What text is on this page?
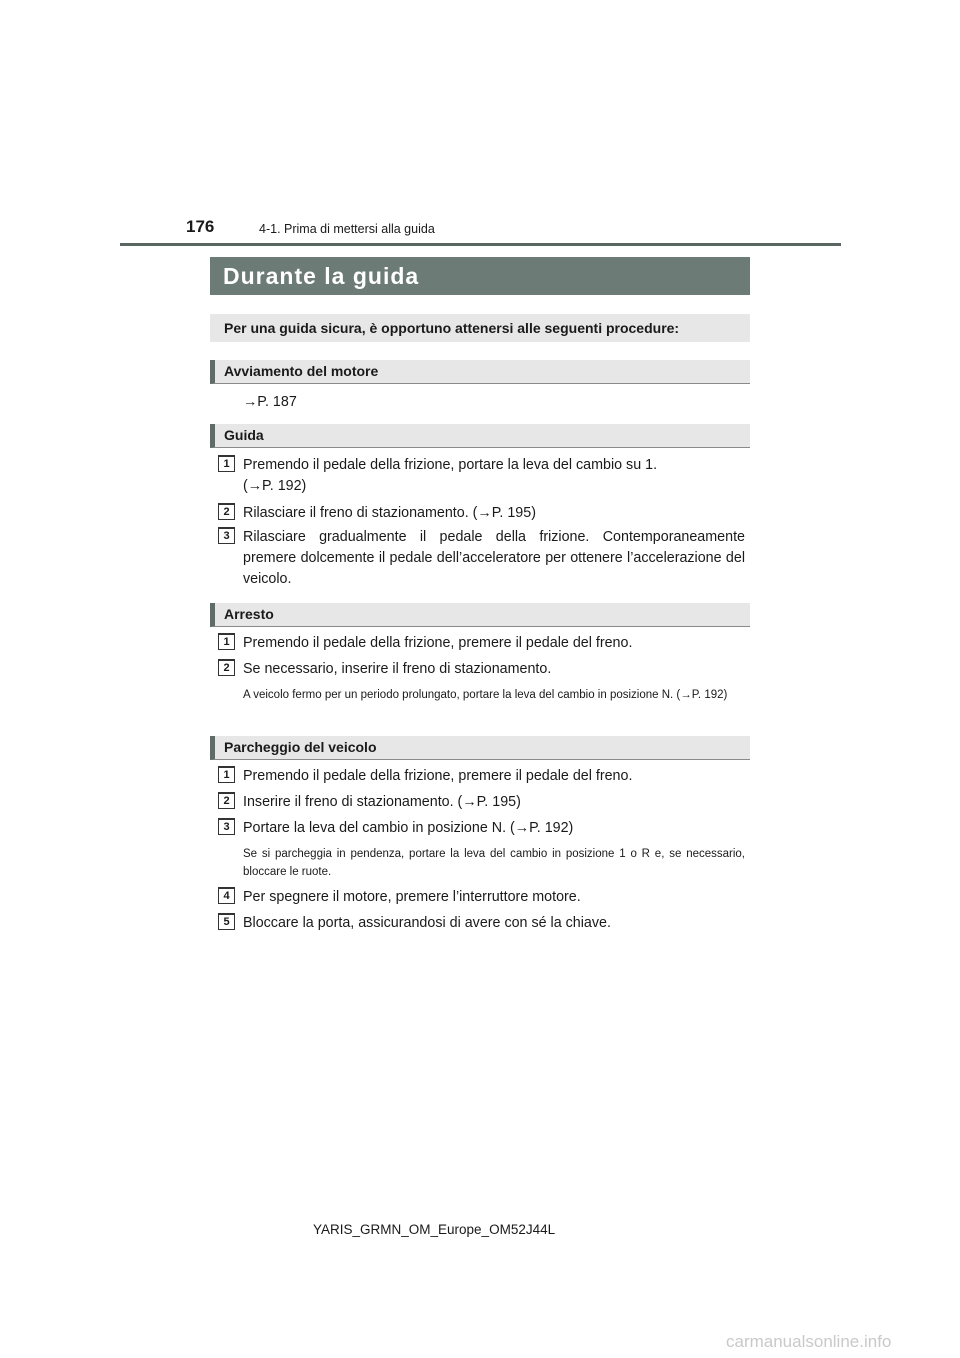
176	4-1. Prima di mettersi alla guida
Durante la guida
Per una guida sicura, è opportuno attenersi alle seguenti procedure:
Avviamento del motore
→P. 187
Guida
1 Premendo il pedale della frizione, portare la leva del cambio su 1.
(→P. 192)
2 Rilasciare il freno di stazionamento. (→P. 195)
3 Rilasciare gradualmente il pedale della frizione. Contemporaneamente premere dolcemente il pedale dell’acceleratore per ottenere l’accelerazione del veicolo.
Arresto
1 Premendo il pedale della frizione, premere il pedale del freno.
2 Se necessario, inserire il freno di stazionamento.
A veicolo fermo per un periodo prolungato, portare la leva del cambio in posizione N. (→P. 192)
Parcheggio del veicolo
1 Premendo il pedale della frizione, premere il pedale del freno.
2 Inserire il freno di stazionamento. (→P. 195)
3 Portare la leva del cambio in posizione N. (→P. 192)
Se si parcheggia in pendenza, portare la leva del cambio in posizione 1 o R e, se necessario, bloccare le ruote.
4 Per spegnere il motore, premere l’interruttore motore.
5 Bloccare la porta, assicurandosi di avere con sé la chiave.
YARIS_GRMN_OM_Europe_OM52J44L
carmanualsonline.info
